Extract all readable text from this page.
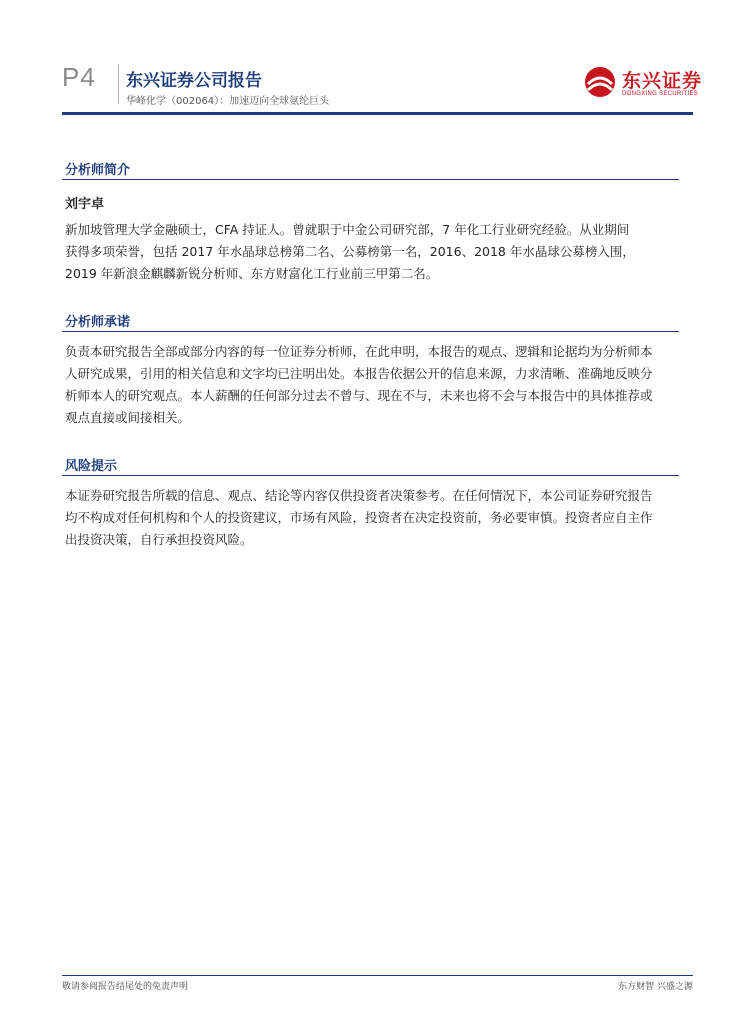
P4 东兴证券公司报告
华峰化学（002064）：加速迈向全球氨纶巨头
东兴证券
DONGXING SECURITIES
分析师简介
刘宇卓
新加坡管理大学金融硕士，CFA 持证人。曾就职于中金公司研究部，7 年化工行业研究经验。从业期间
获得多项荣誉，包括 2017 年水晶球总榜第二名、公募榜第一名，2016、2018 年水晶球公募榜入围，
2019 年新浪金麒麟新锐分析师、东方财富化工行业前三甲第二名。
分析师承诺
负责本研究报告全部或部分内容的每一位证券分析师，在此申明，本报告的观点、逻辑和论据均为分析师本
人研究成果，引用的相关信息和文字均已注明出处。本报告依据公开的信息来源，力求清晰、准确地反映分
析师本人的研究观点。本人薪酬的任何部分过去不曾与、现在不与，未来也将不会与本报告中的具体推荐或
观点直接或间接相关。
风险提示
本证券研究报告所载的信息、观点、结论等内容仅供投资者决策参考。在任何情况下，本公司证券研究报告
均不构成对任何机构和个人的投资建议，市场有风险，投资者在决定投资前，务必要审慎。投资者应自主作
出投资决策，自行承担投资风险。
敬请参阅报告结尾处的免责声明	东方财智 兴盛之源
